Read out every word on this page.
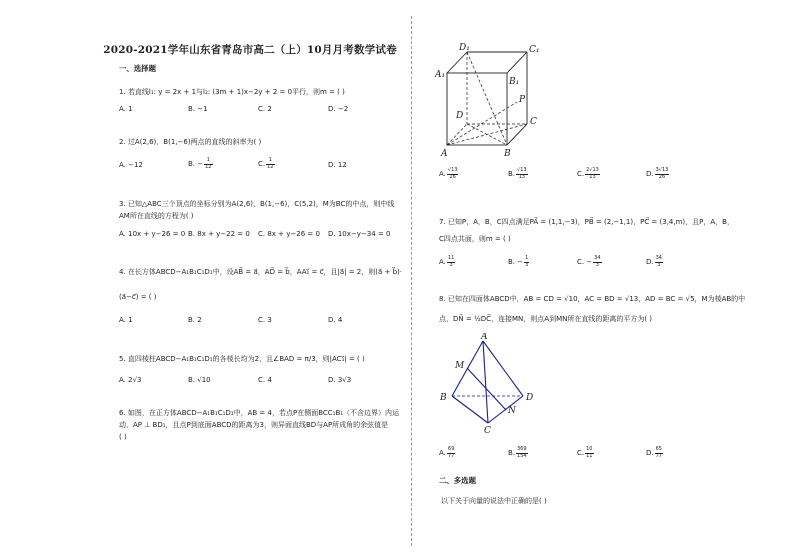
2020-2021学年山东省青岛市高二（上）10月月考数学试卷
一、选择题
1. 若直线l₁: y = 2x + 1与l₂: (3m + 1)x−2y + 2 = 0平行，则m = ( )
A. 1	B. −1	C. 2	D. −2
2. 过A(2,6)，B(1,−6)两点的直线的斜率为( )
A. −12	B. − $\frac{1}{12}$	C. $\frac{1}{12}$	D. 12
3. 已知△ABC三个顶点的坐标分别为A(2,6)，B(1,−6)，C(5,2)，M为BC的中点，则中线
AM所在直线的方程为( )
A. 10x + y−26 = 0 B. 8x + y−22 = 0 C. 8x + y−26 = 0 D. 10x−y−34 = 0
4. 在长方体ABCD−A₁B₁C₁D₁中，设AB⃗ = a⃗，AD⃗ = b⃗，AA₁⃗ = c⃗，且|a⃗| = 2，则(a⃗ + b⃗)·
(a⃗−c⃗) = ( )
A. 1	B. 2	C. 3	D. 4
5. 直四棱柱ABCD−A₁B₁C₁D₁的各棱长均为2，且∠BAD = π/3，则|AC₁⃗| = ( )
A. 2√3	B. √10	C. 4	D. 3√3
6. 如图，在正方体ABCD−A₁B₁C₁D₁中，AB = 4，若点P在侧面BCC₁B₁（不含边界）内运
动，AP ⊥ BD₁，且点P到底面ABCD的距离为3，则异面直线BD与AP所成角的余弦值是
( )
D₁	C₁
A₁
B₁
P
D
C
A	B
A. $\frac{√13}{26}$	B. $\frac{√13}{13}$	C. $\frac{2√13}{13}$	D. $\frac{3√13}{26}$
7. 已知P，A，B，C四点满足PA⃗ = (1,1,−3)，PB⃗ = (2,−1,1)，PC⃗ = (3,4,m)，且P，A，B，
C四点共面，则m = ( )
A. $\frac{11}{3}$	B. − $\frac{1}{3}$	C. − $\frac{34}{3}$	D. $\frac{34}{3}$
8. 已知在四面体ABCD中，AB = CD = √10，AC = BD = √13，AD = BC = √5，M为棱AB的中
点，DN⃗ = ½DC⃗，连接MN，则点A到MN所在直线的距离的平方为( )
A
M
B	D
N
C
A. $\frac{69}{77}$	B. $\frac{369}{154}$	C. $\frac{10}{11}$	D. $\frac{65}{77}$
二、多选题
以下关于向量的说法中正确的是( )
